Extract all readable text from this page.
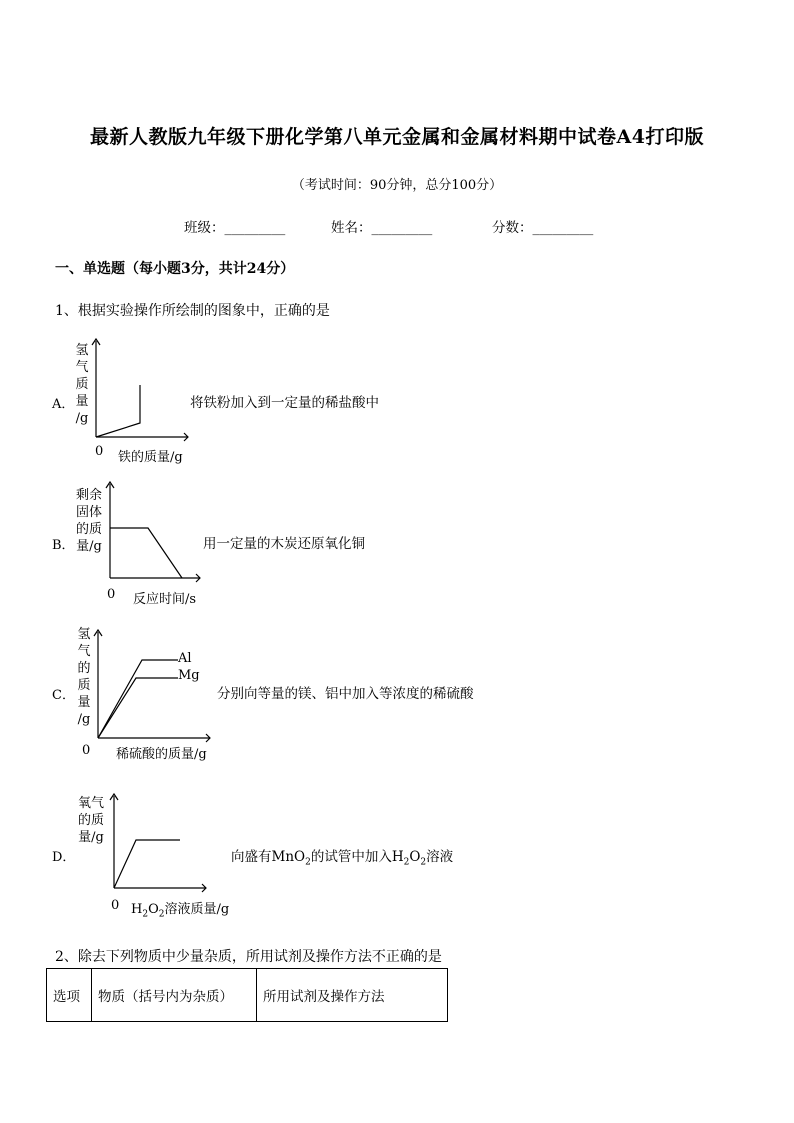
最新人教版九年级下册化学第八单元金属和金属材料期中试卷A4打印版
（考试时间：90分钟，总分100分）
班级：_________	姓名：_________	分数：_________
一、单选题（每小题3分，共计24分）
1、根据实验操作所绘制的图象中，正确的是
A．
氢
气
质
量
/g
0 铁的质量/g
将铁粉加入到一定量的稀盐酸中
B．
剩余
固体
的质
量/g
0 反应时间/s
用一定量的木炭还原氧化铜
C．
氢
气
的
质
量
/g
Al
Mg
0 稀硫酸的质量/g
分别向等量的镁、铝中加入等浓度的稀硫酸
D．
氧气
的质
量/g
0 $H_2O_2$溶液质量/g
向盛有MnO$_2$的试管中加入$H_2O_2$溶液
2、除去下列物质中少量杂质，所用试剂及操作方法不正确的是
选项	物质（括号内为杂质）	所用试剂及操作方法
